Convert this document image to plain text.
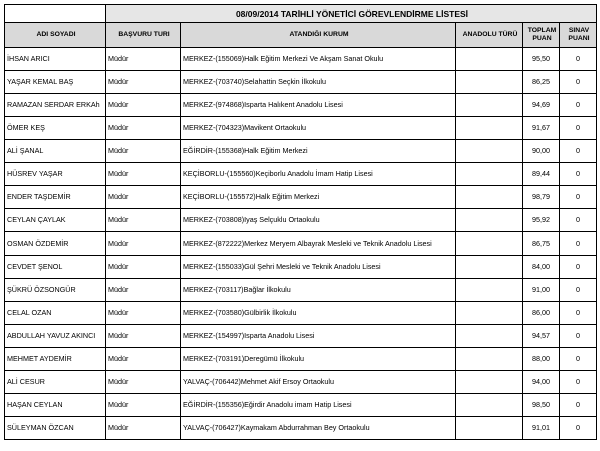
	08/09/2014 TARİHLİ YÖNETİCİ GÖREVLENDİRME LİSTESİ				
ADI SOYADI	BAŞVURU TURI	ATANDIĞI KURUM	ANADOLU TÜRÜ	TOPLAM PUAN	SINAV PUANI
İHSAN ARICI	Müdür	MERKEZ-(155069)Halk Eğitim Merkezi Ve Akşam Sanat Okulu		95,50	0
YAŞAR KEMAL BAŞ	Müdür	MERKEZ-(703740)Selahattin Seçkin İlkokulu		86,25	0
RAMAZAN SERDAR ERKAh	Müdür	MERKEZ-(974868)Isparta Halıkent Anadolu Lisesi		94,69	0
ÖMER KEŞ	Müdür	MERKEZ-(704323)Mavikent Ortaokulu		91,67	0
ALİ ŞANAL	Müdür	EĞİRDİR-(155368)Halk Eğitim Merkezi		90,00	0
HÜSREV YAŞAR	Müdür	KEÇİBORLU-(155560)Keçiborlu Anadolu İmam Hatip Lisesi		89,44	0
ENDER TAŞDEMİR	Müdür	KEÇİBORLU-(155572)Halk Eğitim Merkezi		98,79	0
CEYLAN ÇAYLAK	Müdür	MERKEZ-(703808)Iyaş Selçuklu Ortaokulu		95,92	0
OSMAN ÖZDEMİR	Müdür	MERKEZ-(872222)Merkez Meryem Albayrak Mesleki ve Teknik Anadolu Lisesi		86,75	0
CEVDET ŞENOL	Müdür	MERKEZ-(155033)Gül Şehri Mesleki ve Teknik Anadolu Lisesi		84,00	0
ŞÜKRÜ ÖZSONGÜR	Müdür	MERKEZ-(703117)Bağlar İlkokulu		91,00	0
CELAL OZAN	Müdür	MERKEZ-(703580)Gülbirlik İlkokulu		86,00	0
ABDULLAH YAVUZ AKINCI	Müdür	MERKEZ-(154997)Isparta Anadolu Lisesi		94,57	0
MEHMET AYDEMİR	Müdür	MERKEZ-(703191)Deregümü İlkokulu		88,00	0
ALİ CESUR	Müdür	YALVAÇ-(706442)Mehmet Akif Ersoy Ortaokulu		94,00	0
HAŞAN CEYLAN	Müdür	EĞİRDİR-(155356)Eğirdir Anadolu imam Hatip Lisesi		98,50	0
SÜLEYMAN ÖZCAN	Müdür	YALVAÇ-(706427)Kaymakam Abdurrahman Bey Ortaokulu		91,01	0
